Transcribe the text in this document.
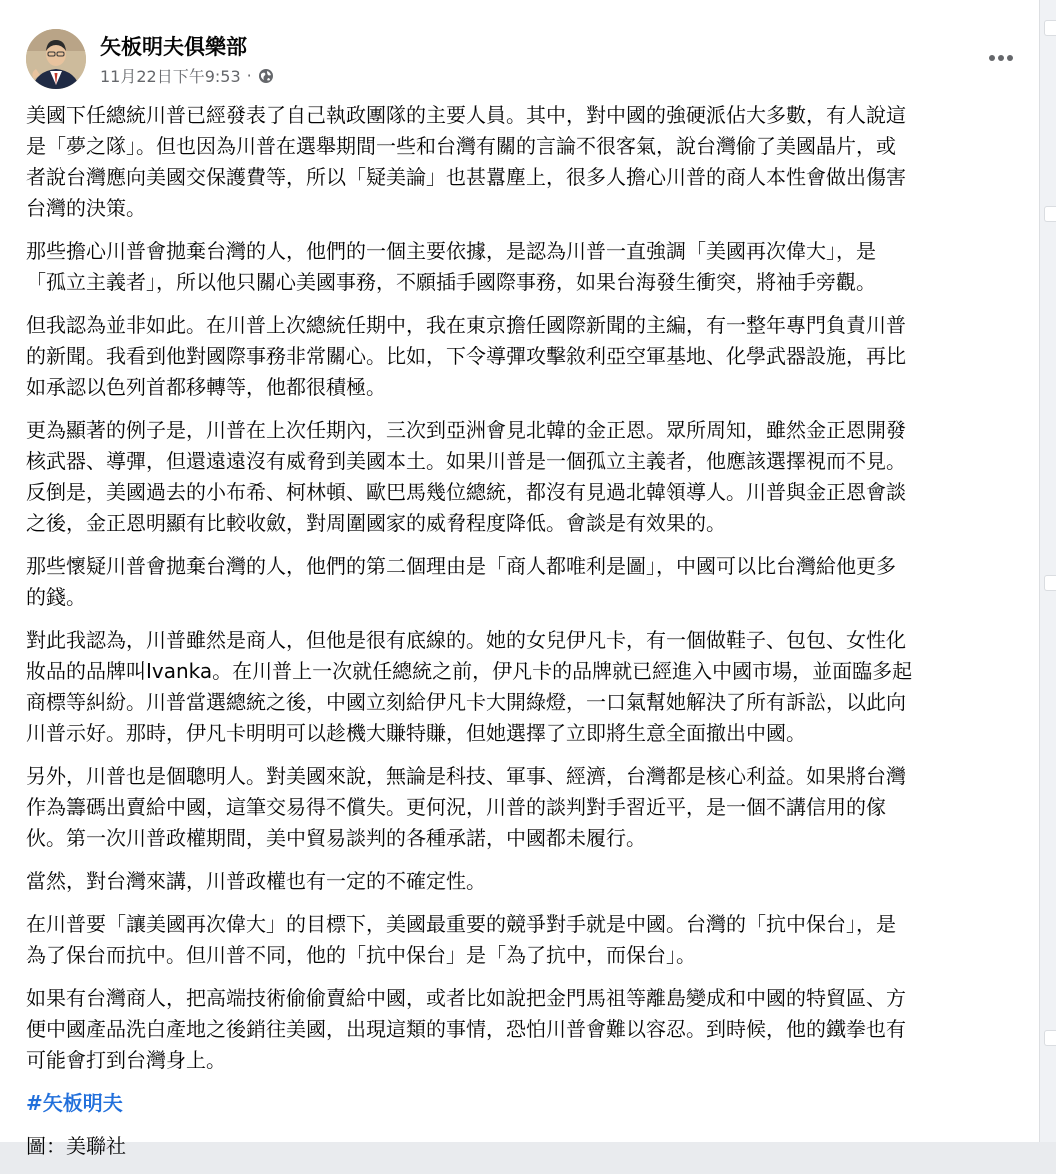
矢板明夫俱樂部
11月22日下午9:53 ·

美國下任總統川普已經發表了自己執政團隊的主要人員。其中，對中國的強硬派佔大多數，有人說這
是「夢之隊」。但也因為川普在選舉期間一些和台灣有關的言論不很客氣，說台灣偷了美國晶片，或
者說台灣應向美國交保護費等，所以「疑美論」也甚囂塵上，很多人擔心川普的商人本性會做出傷害
台灣的決策。

那些擔心川普會拋棄台灣的人，他們的一個主要依據，是認為川普一直強調「美國再次偉大」，是
「孤立主義者」，所以他只關心美國事務，不願插手國際事務，如果台海發生衝突，將袖手旁觀。

但我認為並非如此。在川普上次總統任期中，我在東京擔任國際新聞的主編，有一整年專門負責川普
的新聞。我看到他對國際事務非常關心。比如，下令導彈攻擊敘利亞空軍基地、化學武器設施，再比
如承認以色列首都移轉等，他都很積極。

更為顯著的例子是，川普在上次任期內，三次到亞洲會見北韓的金正恩。眾所周知，雖然金正恩開發
核武器、導彈，但還遠遠沒有威脅到美國本土。如果川普是一個孤立主義者，他應該選擇視而不見。
反倒是，美國過去的小布希、柯林頓、歐巴馬幾位總統，都沒有見過北韓領導人。川普與金正恩會談
之後，金正恩明顯有比較收斂，對周圍國家的威脅程度降低。會談是有效果的。

那些懷疑川普會拋棄台灣的人，他們的第二個理由是「商人都唯利是圖」，中國可以比台灣給他更多
的錢。

對此我認為，川普雖然是商人，但他是很有底線的。她的女兒伊凡卡，有一個做鞋子、包包、女性化
妝品的品牌叫Ivanka。在川普上一次就任總統之前，伊凡卡的品牌就已經進入中國市場，並面臨多起
商標等糾紛。川普當選總統之後，中國立刻給伊凡卡大開綠燈，一口氣幫她解決了所有訴訟，以此向
川普示好。那時，伊凡卡明明可以趁機大賺特賺，但她選擇了立即將生意全面撤出中國。

另外，川普也是個聰明人。對美國來說，無論是科技、軍事、經濟，台灣都是核心利益。如果將台灣
作為籌碼出賣給中國，這筆交易得不償失。更何況，川普的談判對手習近平，是一個不講信用的傢
伙。第一次川普政權期間，美中貿易談判的各種承諾，中國都未履行。

當然，對台灣來講，川普政權也有一定的不確定性。

在川普要「讓美國再次偉大」的目標下，美國最重要的競爭對手就是中國。台灣的「抗中保台」，是
為了保台而抗中。但川普不同，他的「抗中保台」是「為了抗中，而保台」。

如果有台灣商人，把高端技術偷偷賣給中國，或者比如說把金門馬祖等離島變成和中國的特貿區、方
便中國產品洗白產地之後銷往美國，出現這類的事情，恐怕川普會難以容忍。到時候，他的鐵拳也有
可能會打到台灣身上。

#矢板明夫

圖：美聯社
